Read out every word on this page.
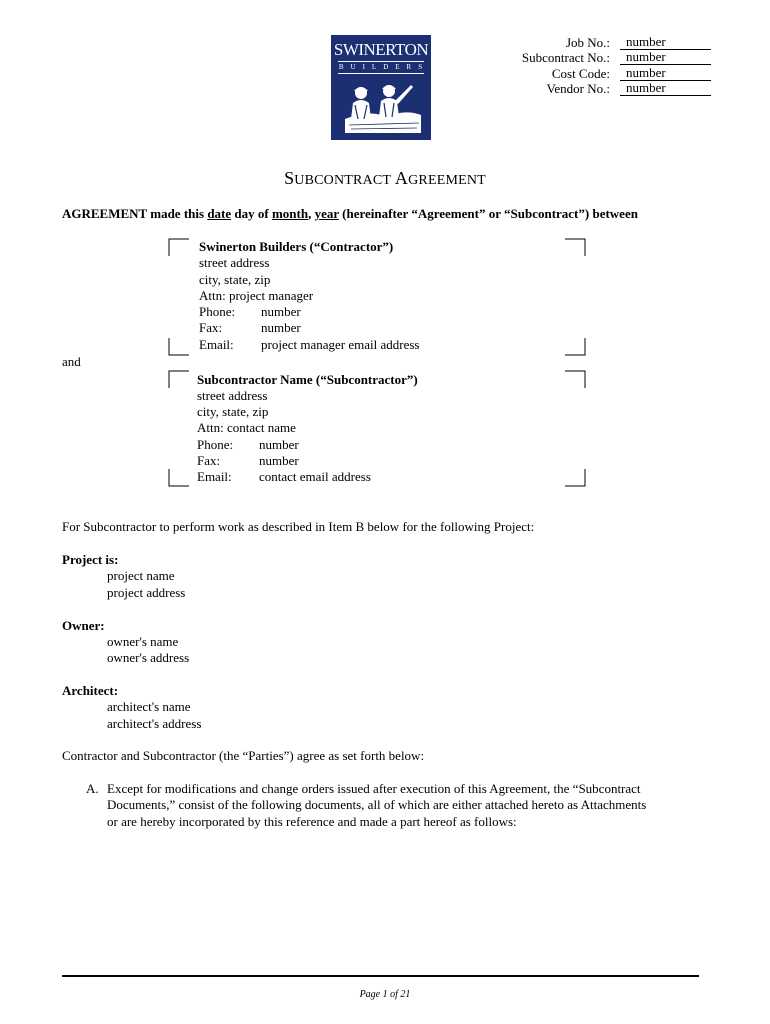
SWINERTON
BUILDERS
Job No.:	number
Subcontract No.:	number
Cost Code:	number
Vendor No.:	number
SUBCONTRACT AGREEMENT
AGREEMENT made this date day of month, year (hereinafter “Agreement” or “Subcontract”) between
Swinerton Builders (“Contractor”)
street address
city, state, zip
Attn: project manager
Phone: number
Fax:	number
Email: project manager email address
and
Subcontractor Name (“Subcontractor”)
street address
city, state, zip
Attn: contact name
Phone: number
Fax:	number
Email: contact email address
For Subcontractor to perform work as described in Item B below for the following Project:
Project is:
project name
project address
Owner:
owner's name
owner's address
Architect:
architect's name
architect's address
Contractor and Subcontractor (the “Parties”) agree as set forth below:
A. Except for modifications and change orders issued after execution of this Agreement, the “Subcontract
Documents,” consist of the following documents, all of which are either attached hereto as Attachments
or are hereby incorporated by this reference and made a part hereof as follows:
Page 1 of 21
